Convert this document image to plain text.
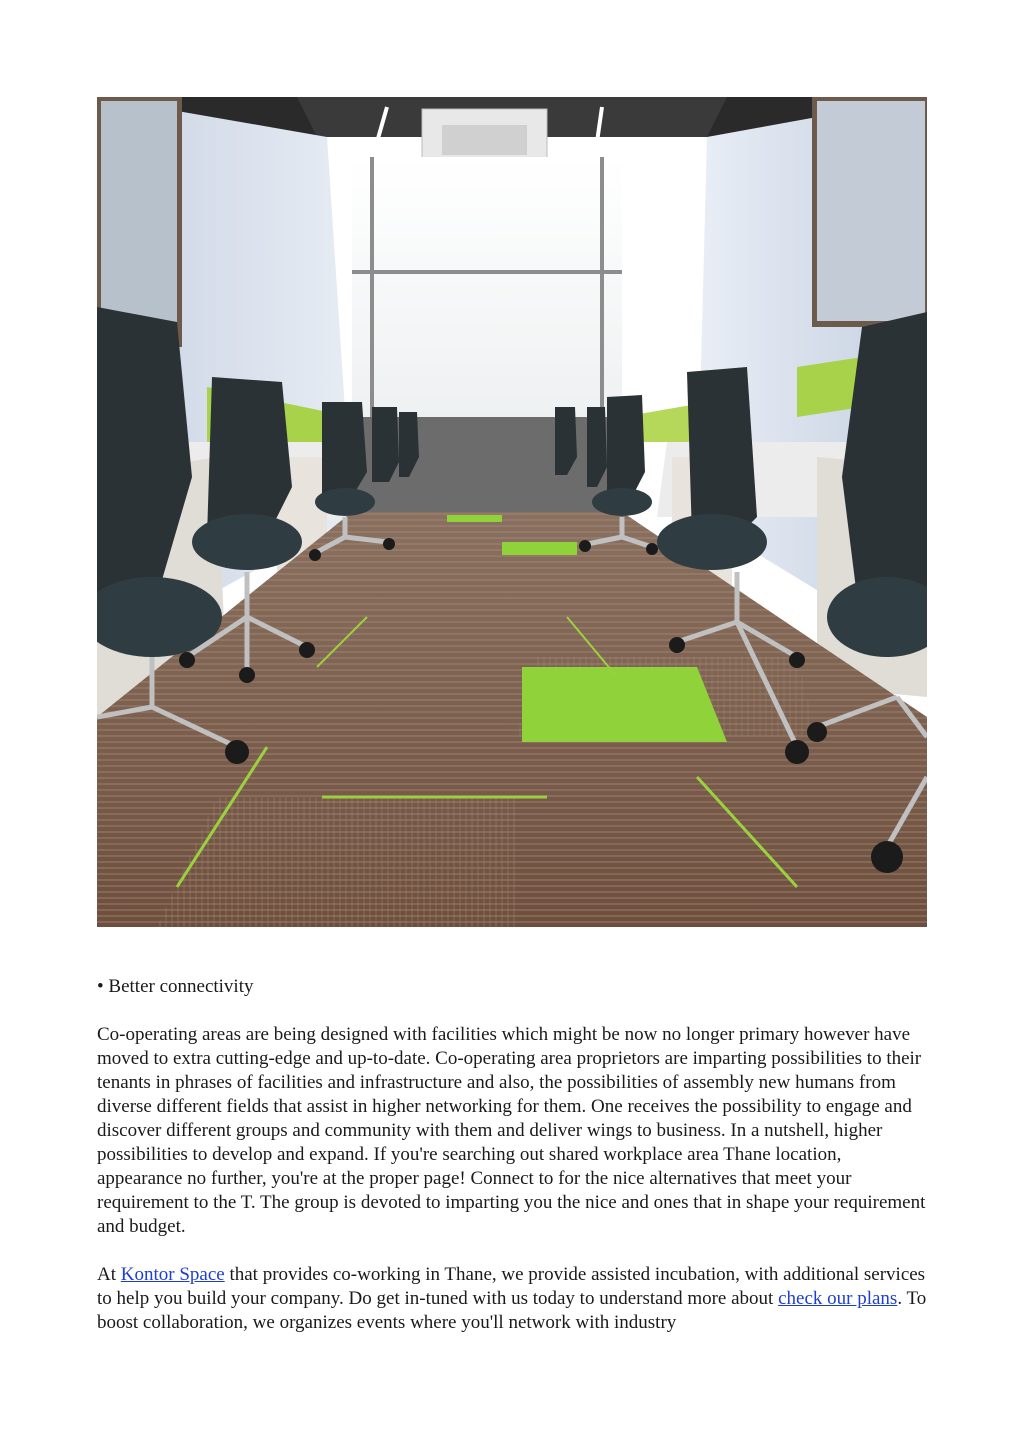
• Better connectivity

Co-operating areas are being designed with facilities which might be now no longer primary however have moved to extra cutting-edge and up-to-date. Co-operating area proprietors are imparting possibilities to their tenants in phrases of facilities and infrastructure and also, the possibilities of assembly new humans from diverse different fields that assist in higher networking for them. One receives the possibility to engage and discover different groups and community with them and deliver wings to business. In a nutshell, higher possibilities to develop and expand. If you're searching out shared workplace area Thane location, appearance no further, you're at the proper page! Connect to for the nice alternatives that meet your requirement to the T. The group is devoted to imparting you the nice and ones that in shape your requirement and budget.

At Kontor Space that provides co-working in Thane, we provide assisted incubation, with additional services to help you build your company. Do get in-tuned with us today to understand more about check our plans. To boost collaboration, we organizes events where you'll network with industry
